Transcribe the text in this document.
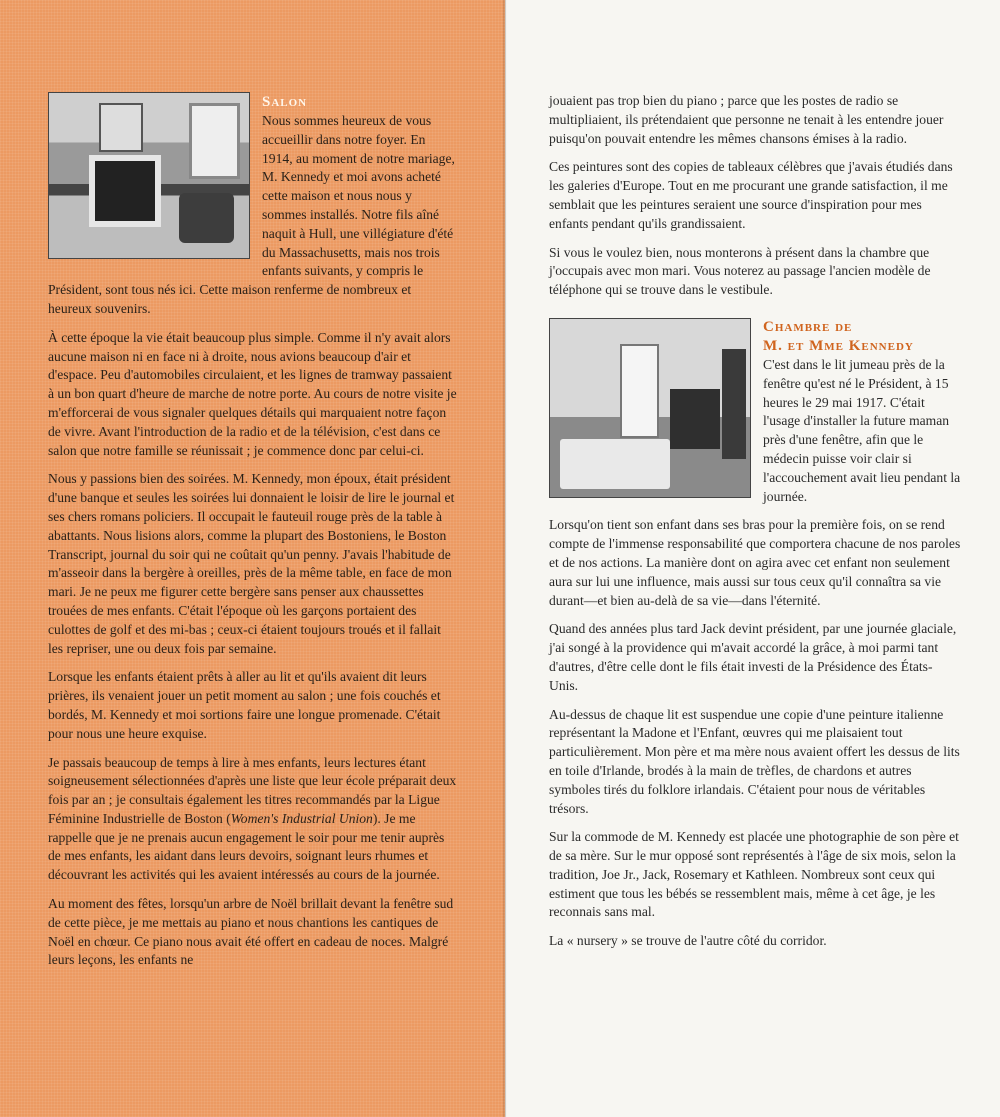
Salon

Nous sommes heureux de vous accueillir dans notre foyer. En 1914, au moment de notre mariage, M. Kennedy et moi avons acheté cette maison et nous nous y sommes installés. Notre fils aîné naquit à Hull, une villégiature d'été du Massachusetts, mais nos trois enfants suivants, y compris le Président, sont tous nés ici. Cette maison renferme de nombreux et heureux souvenirs.

À cette époque la vie était beaucoup plus simple. Comme il n'y avait alors aucune maison ni en face ni à droite, nous avions beaucoup d'air et d'espace. Peu d'automobiles circulaient, et les lignes de tramway passaient à un bon quart d'heure de marche de notre porte. Au cours de notre visite je m'efforcerai de vous signaler quelques détails qui marquaient notre façon de vivre. Avant l'introduction de la radio et de la télévision, c'est dans ce salon que notre famille se réunissait ; je commence donc par celui-ci.

Nous y passions bien des soirées. M. Kennedy, mon époux, était président d'une banque et seules les soirées lui donnaient le loisir de lire le journal et ses chers romans policiers. Il occupait le fauteuil rouge près de la table à abattants. Nous lisions alors, comme la plupart des Bostoniens, le Boston Transcript, journal du soir qui ne coûtait qu'un penny. J'avais l'habitude de m'asseoir dans la bergère à oreilles, près de la même table, en face de mon mari. Je ne peux me figurer cette bergère sans penser aux chaussettes trouées de mes enfants. C'était l'époque où les garçons portaient des culottes de golf et des mi-bas ; ceux-ci étaient toujours troués et il fallait les repriser, une ou deux fois par semaine.

Lorsque les enfants étaient prêts à aller au lit et qu'ils avaient dit leurs prières, ils venaient jouer un petit moment au salon ; une fois couchés et bordés, M. Kennedy et moi sortions faire une longue promenade. C'était pour nous une heure exquise.

Je passais beaucoup de temps à lire à mes enfants, leurs lectures étant soigneusement sélectionnées d'après une liste que leur école préparait deux fois par an ; je consultais également les titres recommandés par la Ligue Féminine Industrielle de Boston (Women's Industrial Union). Je me rappelle que je ne prenais aucun engagement le soir pour me tenir auprès de mes enfants, les aidant dans leurs devoirs, soignant leurs rhumes et découvrant les activités qui les avaient intéressés au cours de la journée.

Au moment des fêtes, lorsqu'un arbre de Noël brillait devant la fenêtre sud de cette pièce, je me mettais au piano et nous chantions les cantiques de Noël en chœur. Ce piano nous avait été offert en cadeau de noces. Malgré leurs leçons, les enfants ne

jouaient pas trop bien du piano ; parce que les postes de radio se multipliaient, ils prétendaient que personne ne tenait à les entendre jouer puisqu'on pouvait entendre les mêmes chansons émises à la radio.

Ces peintures sont des copies de tableaux célèbres que j'avais étudiés dans les galeries d'Europe. Tout en me procurant une grande satisfaction, il me semblait que les peintures seraient une source d'inspiration pour mes enfants pendant qu'ils grandissaient.

Si vous le voulez bien, nous monterons à présent dans la chambre que j'occupais avec mon mari. Vous noterez au passage l'ancien modèle de téléphone qui se trouve dans le vestibule.

Chambre de
M. et Mme Kennedy

C'est dans le lit jumeau près de la fenêtre qu'est né le Président, à 15 heures le 29 mai 1917. C'était l'usage d'installer la future maman près d'une fenêtre, afin que le médecin puisse voir clair si l'accouchement avait lieu pendant la journée.

Lorsqu'on tient son enfant dans ses bras pour la première fois, on se rend compte de l'immense responsabilité que comportera chacune de nos paroles et de nos actions. La manière dont on agira avec cet enfant non seulement aura sur lui une influence, mais aussi sur tous ceux qu'il connaîtra sa vie durant—et bien au-delà de sa vie—dans l'éternité.

Quand des années plus tard Jack devint président, par une journée glaciale, j'ai songé à la providence qui m'avait accordé la grâce, à moi parmi tant d'autres, d'être celle dont le fils était investi de la Présidence des États-Unis.

Au-dessus de chaque lit est suspendue une copie d'une peinture italienne représentant la Madone et l'Enfant, œuvres qui me plaisaient tout particulièrement. Mon père et ma mère nous avaient offert les dessus de lits en toile d'Irlande, brodés à la main de trèfles, de chardons et autres symboles tirés du folklore irlandais. C'étaient pour nous de véritables trésors.

Sur la commode de M. Kennedy est placée une photographie de son père et de sa mère. Sur le mur opposé sont représentés à l'âge de six mois, selon la tradition, Joe Jr., Jack, Rosemary et Kathleen. Nombreux sont ceux qui estiment que tous les bébés se ressemblent mais, même à cet âge, je les reconnais sans mal.

La « nursery » se trouve de l'autre côté du corridor.
